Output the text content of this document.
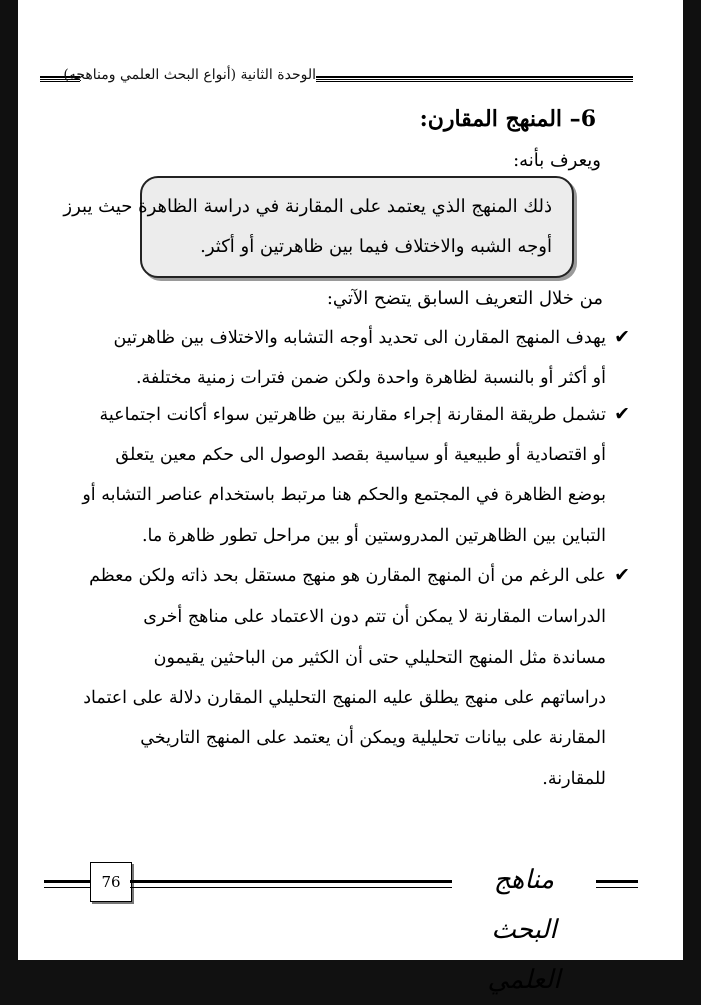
الوحدة الثانية (أنواع البحث العلمي ومناهجه)
6– المنهج المقارن:
ويعرف بأنه:

ذلك المنهج الذي يعتمد على المقارنة في دراسة الظاهرة حيث يبرز

أوجه الشبه والاختلاف فيما بين ظاهرتين أو أكثر.

من خلال التعريف السابق يتضح الآتي:
✔
يهدف المنهج المقارن الى تحديد أوجه التشابه والاختلاف بين ظاهرتين
أو أكثر أو بالنسبة لظاهرة واحدة ولكن ضمن فترات زمنية مختلفة.
✔
تشمل طريقة المقارنة إجراء مقارنة بين ظاهرتين سواء أكانت اجتماعية
أو اقتصادية أو طبيعية أو سياسية بقصد الوصول الى حكم معين يتعلق
بوضع الظاهرة في المجتمع والحكم هنا مرتبط باستخدام عناصر التشابه أو
التباين بين الظاهرتين المدروستين أو بين مراحل تطور ظاهرة ما.
✔
على الرغم من أن المنهج المقارن هو منهج مستقل بحد ذاته ولكن معظم
الدراسات المقارنة لا يمكن أن تتم دون الاعتماد على مناهج أخرى
مساندة مثل المنهج التحليلي حتى أن الكثير من الباحثين يقيمون
دراساتهم على منهج يطلق عليه المنهج التحليلي المقارن دلالة على اعتماد
المقارنة على بيانات تحليلية ويمكن أن يعتمد على المنهج التاريخي
للمقارنة.
76	مناهج البحث العلمي
